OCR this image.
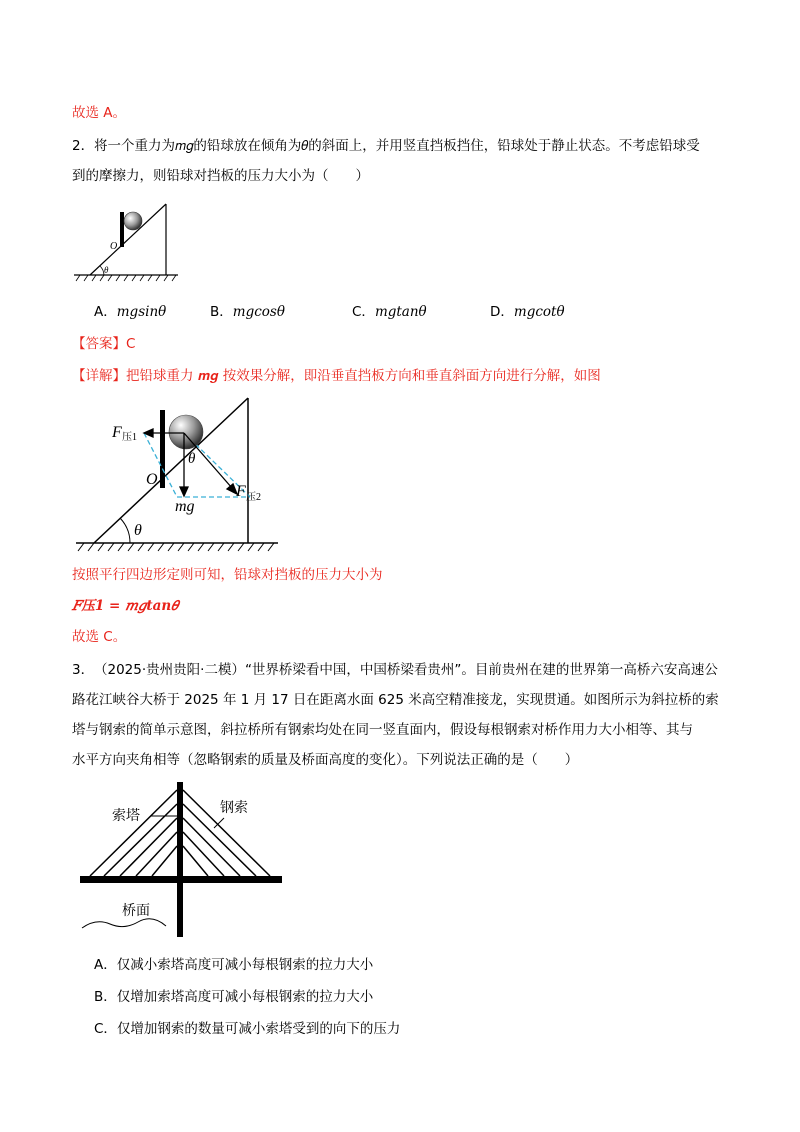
故选 A。
2． 将一个重力为𝑚𝑔的铅球放在倾角为𝜃的斜面上，并用竖直挡板挡住，铅球处于静止状态。不考虑铅球受
到的摩擦力，则铅球对挡板的压力大小为（　　）
O
θ
A．𝑚𝑔sin𝜃	B．𝑚𝑔cos𝜃	C．𝑚𝑔tan𝜃	D．𝑚𝑔cot𝜃
【答案】C
【详解】把铅球重力 𝒎𝒈 按效果分解，即沿垂直挡板方向和垂直斜面方向进行分解，如图
F 压1
O
θ
mg
F 压2
θ
按照平行四边形定则可知，铅球对挡板的压力大小为
𝐹压1 = 𝑚𝑔tan𝜃
故选 C。
3． （2025·贵州贵阳·二模）“世界桥梁看中国，中国桥梁看贵州”。目前贵州在建的世界第一高桥六安高速公
路花江峡谷大桥于 2025 年 1 月 17 日在距离水面 625 米高空精准接龙，实现贯通。如图所示为斜拉桥的索
塔与钢索的简单示意图，斜拉桥所有钢索均处在同一竖直面内，假设每根钢索对桥作用力大小相等、其与
水平方向夹角相等（忽略钢索的质量及桥面高度的变化）。下列说法正确的是（　　）
索塔	钢索
桥面
A．仅减小索塔高度可减小每根钢索的拉力大小
B．仅增加索塔高度可减小每根钢索的拉力大小
C．仅增加钢索的数量可减小索塔受到的向下的压力
